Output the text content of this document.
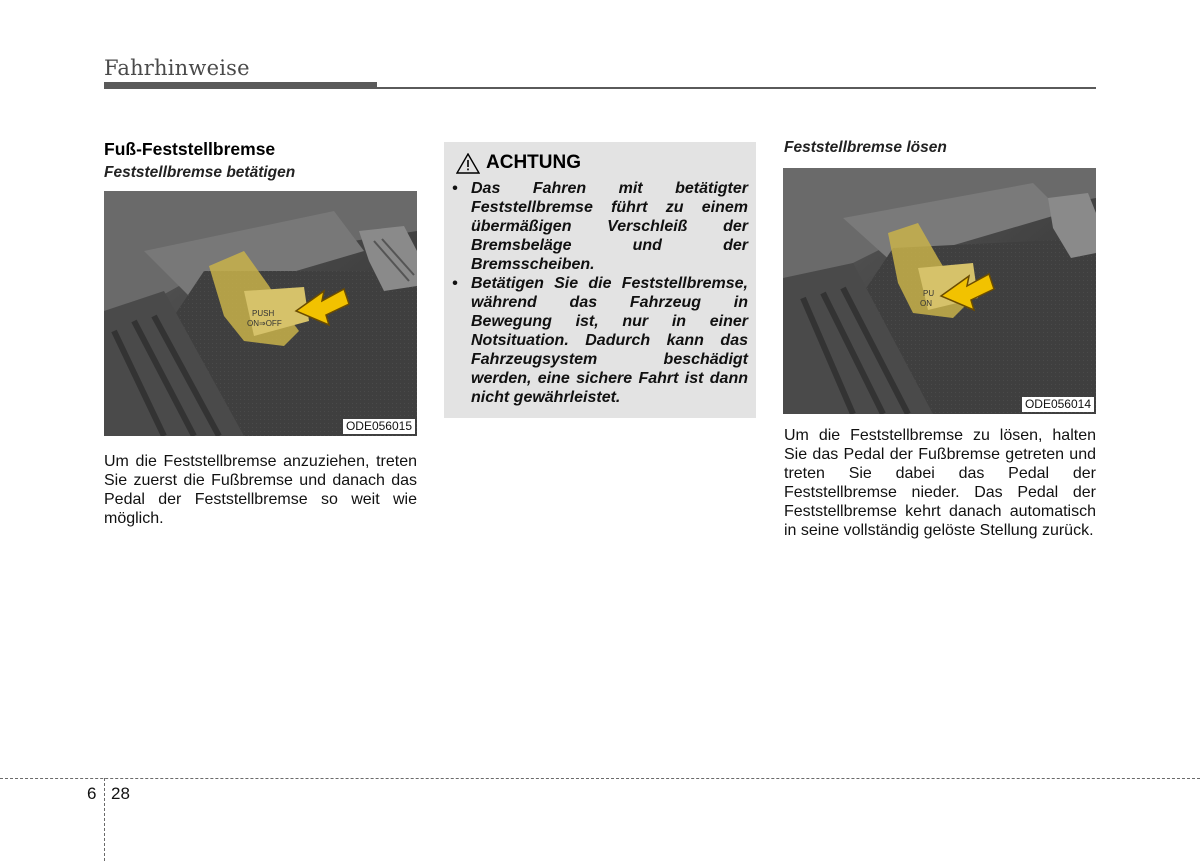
Fahrhinweise
Fuß-Feststellbremse
Feststellbremse betätigen
PUSH
ON⇒OFF
ODE056015
Um die Feststellbremse anzuziehen, treten Sie zuerst die Fußbremse und danach das Pedal der Feststellbremse so weit wie möglich.
ACHTUNG
• Das Fahren mit betätigter Feststellbremse führt zu einem übermäßigen Verschleiß der Bremsbeläge und der Bremsscheiben.
• Betätigen Sie die Feststellbremse, während das Fahrzeug in Bewegung ist, nur in einer Notsituation. Dadurch kann das Fahrzeugsystem beschädigt werden, eine sichere Fahrt ist dann nicht gewährleistet.
Feststellbremse lösen
PU
ON
ODE056014
Um die Feststellbremse zu lösen, halten Sie das Pedal der Fußbremse getreten und treten Sie dabei das Pedal der Feststellbremse nieder. Das Pedal der Feststellbremse kehrt danach automatisch in seine vollständig gelöste Stellung zurück.
6 28
